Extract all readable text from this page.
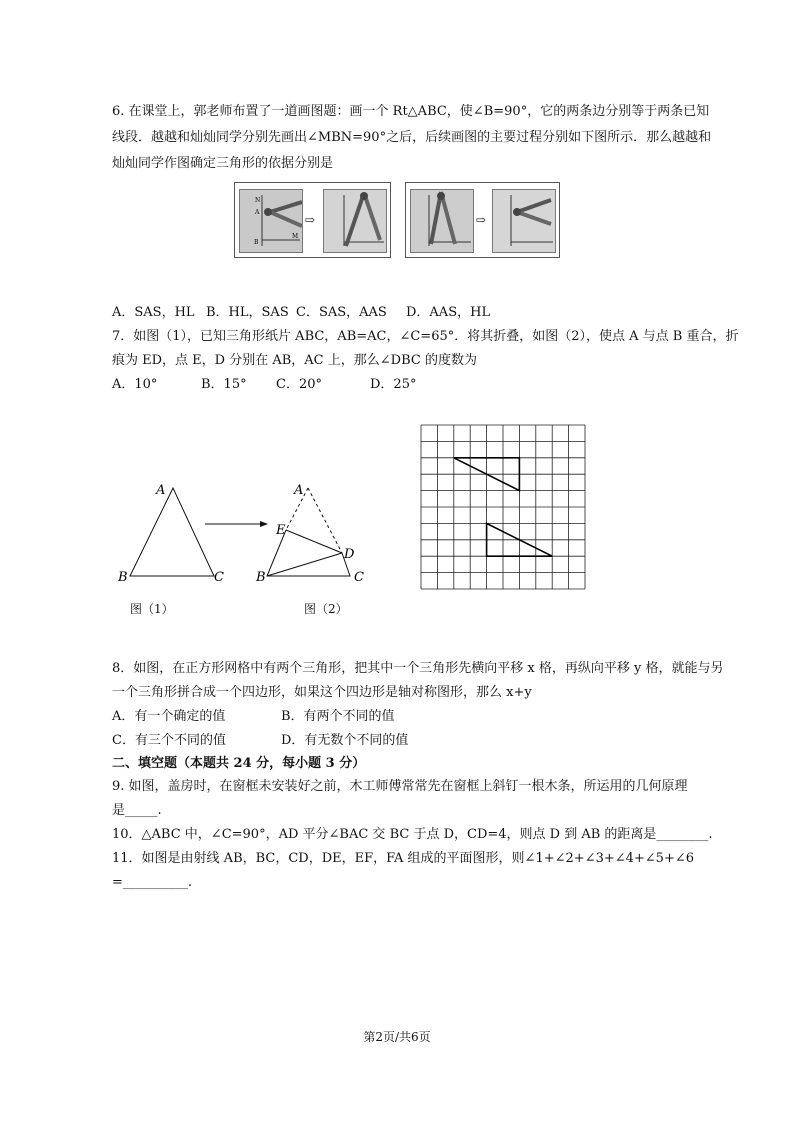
6. 在课堂上，郭老师布置了一道画图题：画一个 Rt△ABC，使∠B=90°，它的两条边分别等于两条已知
线段．越越和灿灿同学分别先画出∠MBN=90°之后，后续画图的主要过程分别如下图所示．那么越越和
灿灿同学作图确定三角形的依据分别是
N
A
B
M
⇨	⇨
A．SAS，HL B．HL，SAS C．SAS，AAS D．AAS，HL
7．如图（1），已知三角形纸片 ABC，AB=AC，∠C=65°．将其折叠，如图（2），使点 A 与点 B 重合，折
痕为 ED，点 E，D 分别在 AB，AC 上，那么∠DBC 的度数为
A．10°	B．15° C．20°	D．25°
A
B	C
A
E
D
B	C
图（1）	图（2）
8．如图，在正方形网格中有两个三角形，把其中一个三角形先横向平移 x 格，再纵向平移 y 格，就能与另
一个三角形拼合成一个四边形，如果这个四边形是轴对称图形，那么 x+y
A．有一个确定的值	B．有两个不同的值
C．有三个不同的值	D．有无数个不同的值
二、填空题（本题共 24 分，每小题 3 分）
9. 如图，盖房时，在窗框未安装好之前，木工师傅常常先在窗框上斜钉一根木条，所运用的几何原理
是_____.
10．△ABC 中，∠C=90°，AD 平分∠BAC 交 BC 于点 D，CD=4，则点 D 到 AB 的距离是________.
11．如图是由射线 AB，BC，CD，DE，EF，FA 组成的平面图形，则∠1+∠2+∠3+∠4+∠5+∠6
=__________.
第2页/共6页
